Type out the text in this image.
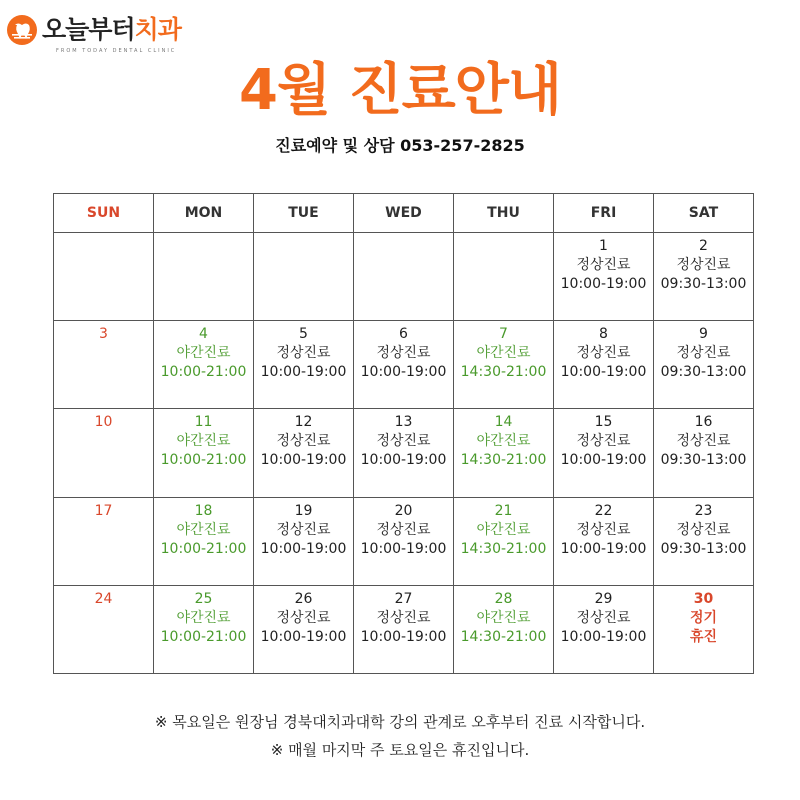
오늘부터치과
FROM TODAY DENTAL CLINIC
4월 진료안내
진료예약 및 상담 053-257-2825
SUN	MON	TUE	WED	THU	FRI	SAT

					1
정상진료
10:00-19:00	2
정상진료
09:30-13:00

3	4
야간진료
10:00-21:00	5
정상진료
10:00-19:00	6
정상진료
10:00-19:00	7
야간진료
14:30-21:00	8
정상진료
10:00-19:00	9
정상진료
09:30-13:00

10	11
야간진료
10:00-21:00	12
정상진료
10:00-19:00	13
정상진료
10:00-19:00	14
야간진료
14:30-21:00	15
정상진료
10:00-19:00	16
정상진료
09:30-13:00

17	18
야간진료
10:00-21:00	19
정상진료
10:00-19:00	20
정상진료
10:00-19:00	21
야간진료
14:30-21:00	22
정상진료
10:00-19:00	23
정상진료
09:30-13:00

24	25
야간진료
10:00-21:00	26
정상진료
10:00-19:00	27
정상진료
10:00-19:00	28
야간진료
14:30-21:00	29
정상진료
10:00-19:00	30
정기
휴진
※ 목요일은 원장님 경북대치과대학 강의 관계로 오후부터 진료 시작합니다.
※ 매월 마지막 주 토요일은 휴진입니다.
